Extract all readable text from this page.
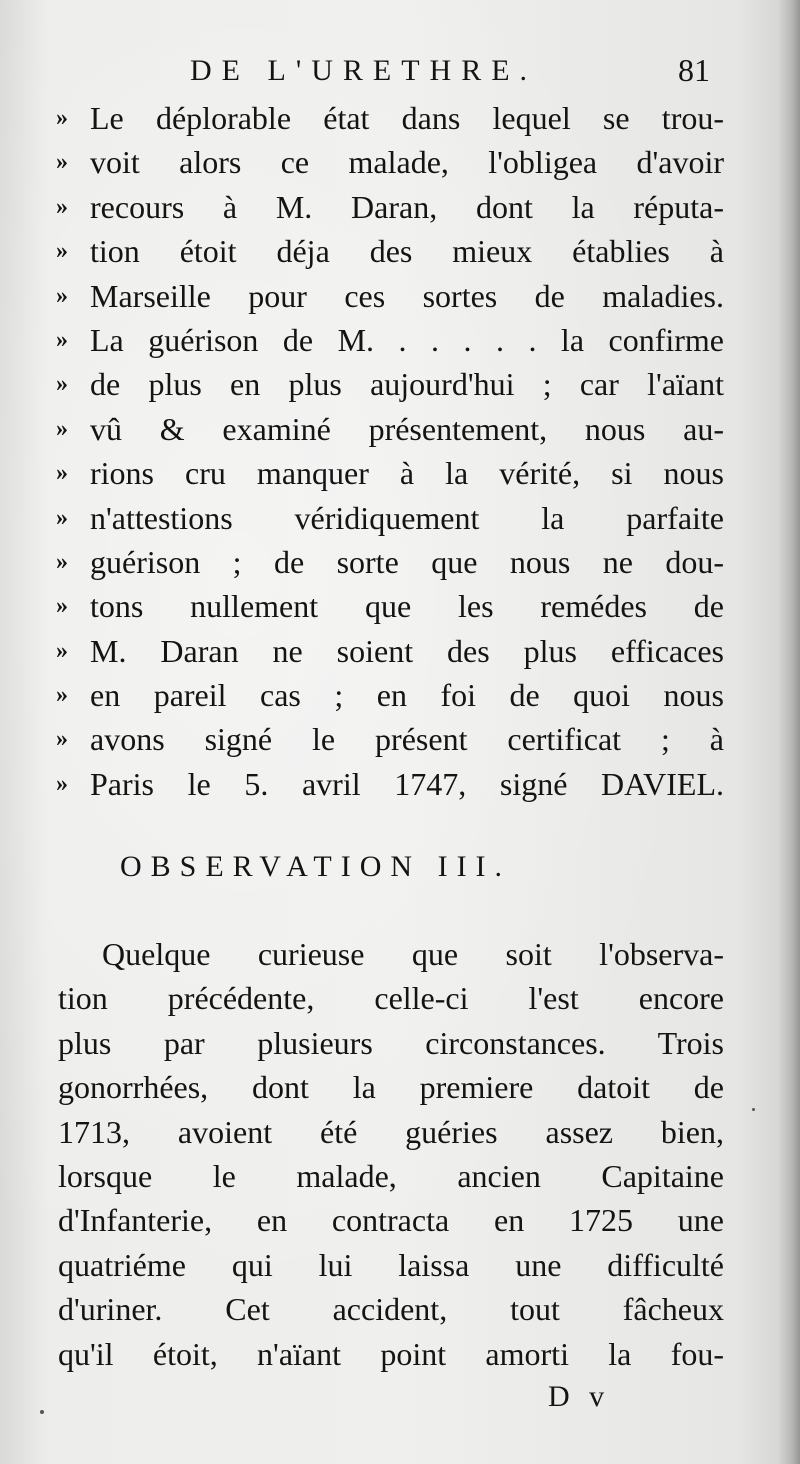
DE L'URETHRE.	81
» Le déplorable état dans lequel se trou-
» voit alors ce malade, l'obligea d'avoir
» recours à M. Daran, dont la réputa-
» tion étoit déja des mieux établies à
» Marseille pour ces sortes de maladies.
» La guérison de M. . . . . . la confirme
» de plus en plus aujourd'hui ; car l'aïant
» vû & examiné présentement, nous au-
» rions cru manquer à la vérité, si nous
» n'attestions véridiquement la parfaite
» guérison ; de sorte que nous ne dou-
» tons nullement que les remédes de
» M. Daran ne soient des plus efficaces
» en pareil cas ; en foi de quoi nous
» avons signé le présent certificat ; à
» Paris le 5. avril 1747, signé DAVIEL.
OBSERVATION III.
Quelque curieuse que soit l'observa-
tion précédente, celle-ci l'est encore
plus par plusieurs circonstances. Trois
gonorrhées, dont la premiere datoit de
1713, avoient été guéries assez bien,
lorsque le malade, ancien Capitaine
d'Infanterie, en contracta en 1725 une
quatriéme qui lui laissa une difficulté
d'uriner. Cet accident, tout fâcheux
qu'il étoit, n'aïant point amorti la fou-
D v
